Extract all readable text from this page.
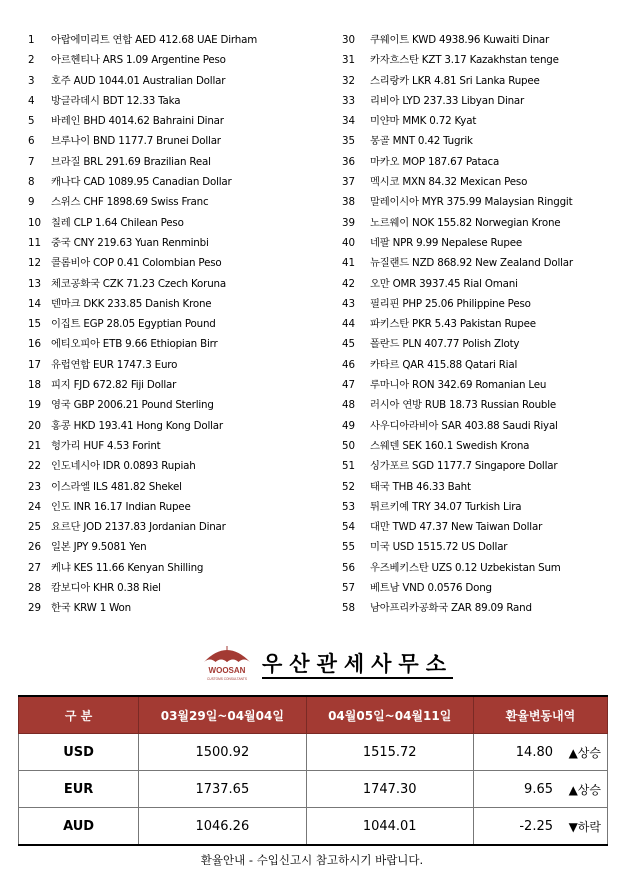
1	아랍에미리트 연합 AED 412.68 UAE Dirham
2	아르헨티나 ARS 1.09 Argentine Peso
3	호주 AUD 1044.01 Australian Dollar
4	방글라데시 BDT 12.33 Taka
5	바레인 BHD 4014.62 Bahraini Dinar
6	브루나이 BND 1177.7 Brunei Dollar
7	브라질 BRL 291.69 Brazilian Real
8	캐나다 CAD 1089.95 Canadian Dollar
9	스위스 CHF 1898.69 Swiss Franc
10 칠레 CLP 1.64 Chilean Peso
11 중국 CNY 219.63 Yuan Renminbi
12 콜롬비아 COP 0.41 Colombian Peso
13 체코공화국 CZK 71.23 Czech Koruna
14 덴마크 DKK 233.85 Danish Krone
15 이집트 EGP 28.05 Egyptian Pound
16 에티오피아 ETB 9.66 Ethiopian Birr
17 유럽연합 EUR 1747.3 Euro
18 피지 FJD 672.82 Fiji Dollar
19 영국 GBP 2006.21 Pound Sterling
20 홍콩 HKD 193.41 Hong Kong Dollar
21 헝가리 HUF 4.53 Forint
22 인도네시아 IDR 0.0893 Rupiah
23 이스라엘 ILS 481.82 Shekel
24 인도 INR 16.17 Indian Rupee
25 요르단 JOD 2137.83 Jordanian Dinar
26 일본 JPY 9.5081 Yen
27 케냐 KES 11.66 Kenyan Shilling
28 캄보디아 KHR 0.38 Riel
29 한국 KRW 1 Won
30	쿠웨이트 KWD 4938.96 Kuwaiti Dinar
31	카자흐스탄 KZT 3.17 Kazakhstan tenge
32	스리랑카 LKR 4.81 Sri Lanka Rupee
33	리비아 LYD 237.33 Libyan Dinar
34	미얀마 MMK 0.72 Kyat
35	몽골 MNT 0.42 Tugrik
36	마카오 MOP 187.67 Pataca
37	멕시코 MXN 84.32 Mexican Peso
38	말레이시아 MYR 375.99 Malaysian Ringgit
39	노르웨이 NOK 155.82 Norwegian Krone
40	네팔 NPR 9.99 Nepalese Rupee
41	뉴질랜드 NZD 868.92 New Zealand Dollar
42	오만 OMR 3937.45 Rial Omani
43	필리핀 PHP 25.06 Philippine Peso
44	파키스탄 PKR 5.43 Pakistan Rupee
45	폴란드 PLN 407.77 Polish Zloty
46	카타르 QAR 415.88 Qatari Rial
47	루마니아 RON 342.69 Romanian Leu
48	러시아 연방 RUB 18.73 Russian Rouble
49	사우디아라비아 SAR 403.88 Saudi Riyal
50	스웨덴 SEK 160.1 Swedish Krona
51	싱가포르 SGD 1177.7 Singapore Dollar
52	태국 THB 46.33 Baht
53	튀르키예 TRY 34.07 Turkish Lira
54	대만 TWD 47.37 New Taiwan Dollar
55	미국 USD 1515.72 US Dollar
56	우즈베키스탄 UZS 0.12 Uzbekistan Sum
57	베트남 VND 0.0576 Dong
58	남아프리카공화국 ZAR 89.09 Rand
WOOSAN
CUSTOMS CONSULTANTS
우산관세사무소
구 분	03월29일~04월04일	04월05일~04월11일	환율변동내역
USD	1500.92	1515.72	14.80 ▲상승

EUR	1737.65	1747.30	9.65 ▲상승

AUD	1046.26	1044.01	-2.25 ▼하락
환율안내 - 수입신고시 참고하시기 바랍니다.
